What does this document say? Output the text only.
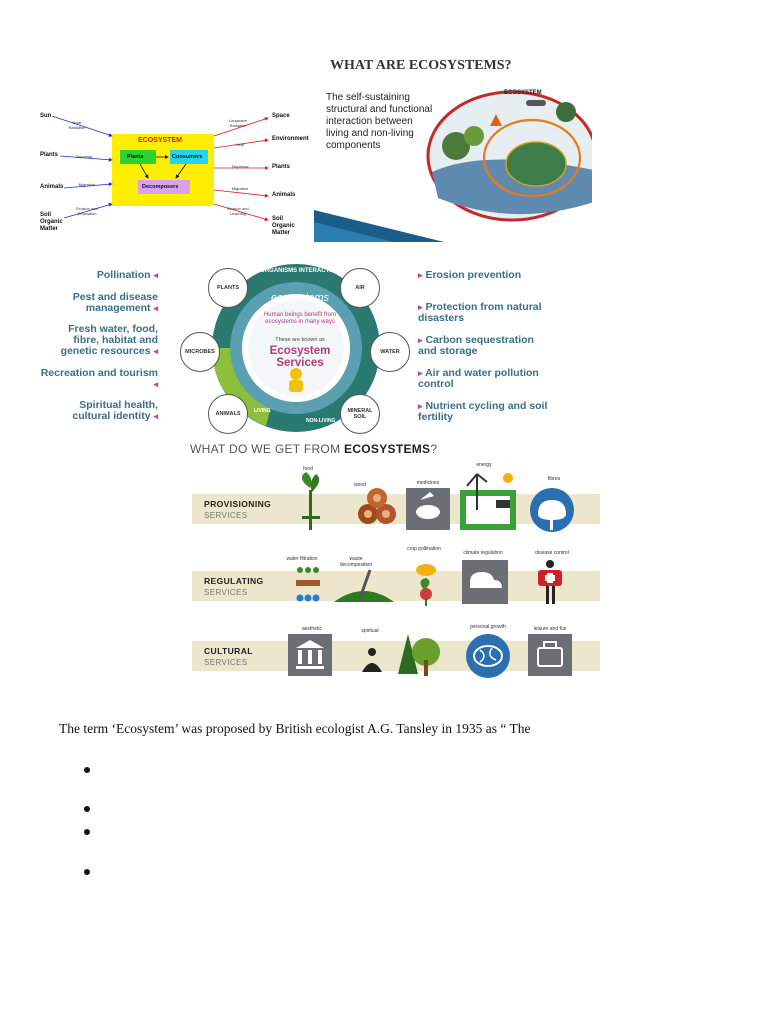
ECOSYSTEM
Plants	Consumers
Decomposers
Sun
Plants
Animals
Soil Organic Matter
Solar Radiation
Dispersal
Migration
Erosion and Deposition
Space
Environment
Plants
Animals
Soil Organic Matter
Longwave Radiation
Heat
Dispersal
Migration
Erosion and Leaching
WHAT ARE ECOSYSTEMS?
The self-sustaining structural and functional interaction between living and non-living components
ECOSYSTEM
Pollination ◂
Pest and disease management ◂
Fresh water, food, fibre, habitat and genetic resources ◂
Recreation and tourism ◂
Spiritual health, cultural identity ◂
▸ Erosion prevention
▸ Protection from natural disasters
▸ Carbon sequestration and storage
▸ Air and water pollution control
▸ Nutrient cycling and soil fertility
ORGANISMS INTERACTION
ecosystems
Human beings benefit from ecosystems in many ways
These are known as
Ecosystem Services
LIVING
NON-LIVING
PLANTS	AIR
MICROBES	WATER
ANIMALS	MINERAL SOIL
WHAT DO WE GET FROM ECOSYSTEMS?
PROVISIONING
SERVICES
food
wood	medicines
energy
fibres
REGULATING
SERVICES
water filtration	waste decomposition
crop pollination
climate regulation	disease control
CULTURAL
SERVICES
aesthetic	spiritual
personal growth	leisure and fun
The term ‘Ecosystem’ was proposed by British ecologist A.G. Tansley in 1935 as “ The
